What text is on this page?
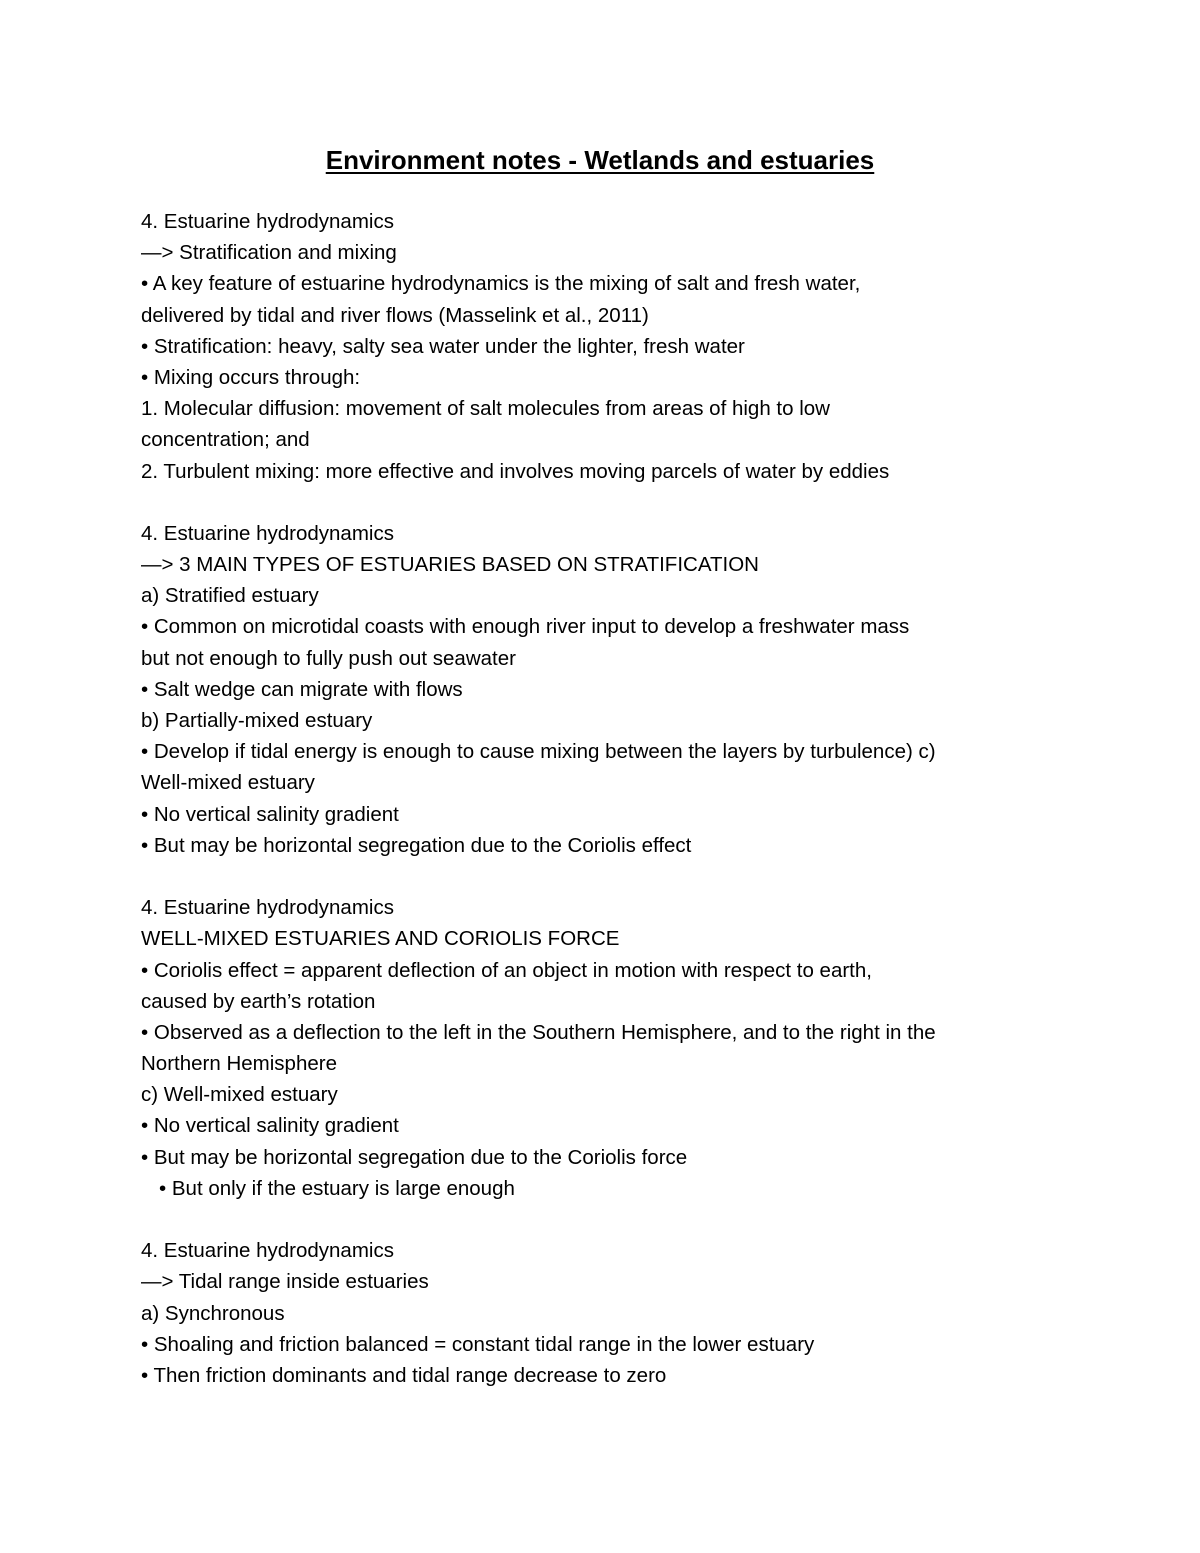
Environment notes - Wetlands and estuaries
4. Estuarine hydrodynamics
—> Stratification and mixing
• A key feature of estuarine hydrodynamics is the mixing of salt and fresh water,
delivered by tidal and river flows (Masselink et al., 2011)
• Stratification: heavy, salty sea water under the lighter, fresh water
• Mixing occurs through:
1. Molecular diffusion: movement of salt molecules from areas of high to low
concentration; and
2. Turbulent mixing: more effective and involves moving parcels of water by eddies
4. Estuarine hydrodynamics
—> 3 MAIN TYPES OF ESTUARIES BASED ON STRATIFICATION
a) Stratified estuary
• Common on microtidal coasts with enough river input to develop a freshwater mass
but not enough to fully push out seawater
• Salt wedge can migrate with flows
b) Partially-mixed estuary
• Develop if tidal energy is enough to cause mixing between the layers by turbulence) c)
Well-mixed estuary
• No vertical salinity gradient
• But may be horizontal segregation due to the Coriolis effect
4. Estuarine hydrodynamics
WELL-MIXED ESTUARIES AND CORIOLIS FORCE
• Coriolis effect = apparent deflection of an object in motion with respect to earth,
caused by earth’s rotation
• Observed as a deflection to the left in the Southern Hemisphere, and to the right in the
Northern Hemisphere
c) Well-mixed estuary
• No vertical salinity gradient
• But may be horizontal segregation due to the Coriolis force
• But only if the estuary is large enough
4. Estuarine hydrodynamics
—> Tidal range inside estuaries
a) Synchronous
• Shoaling and friction balanced = constant tidal range in the lower estuary
• Then friction dominants and tidal range decrease to zero
